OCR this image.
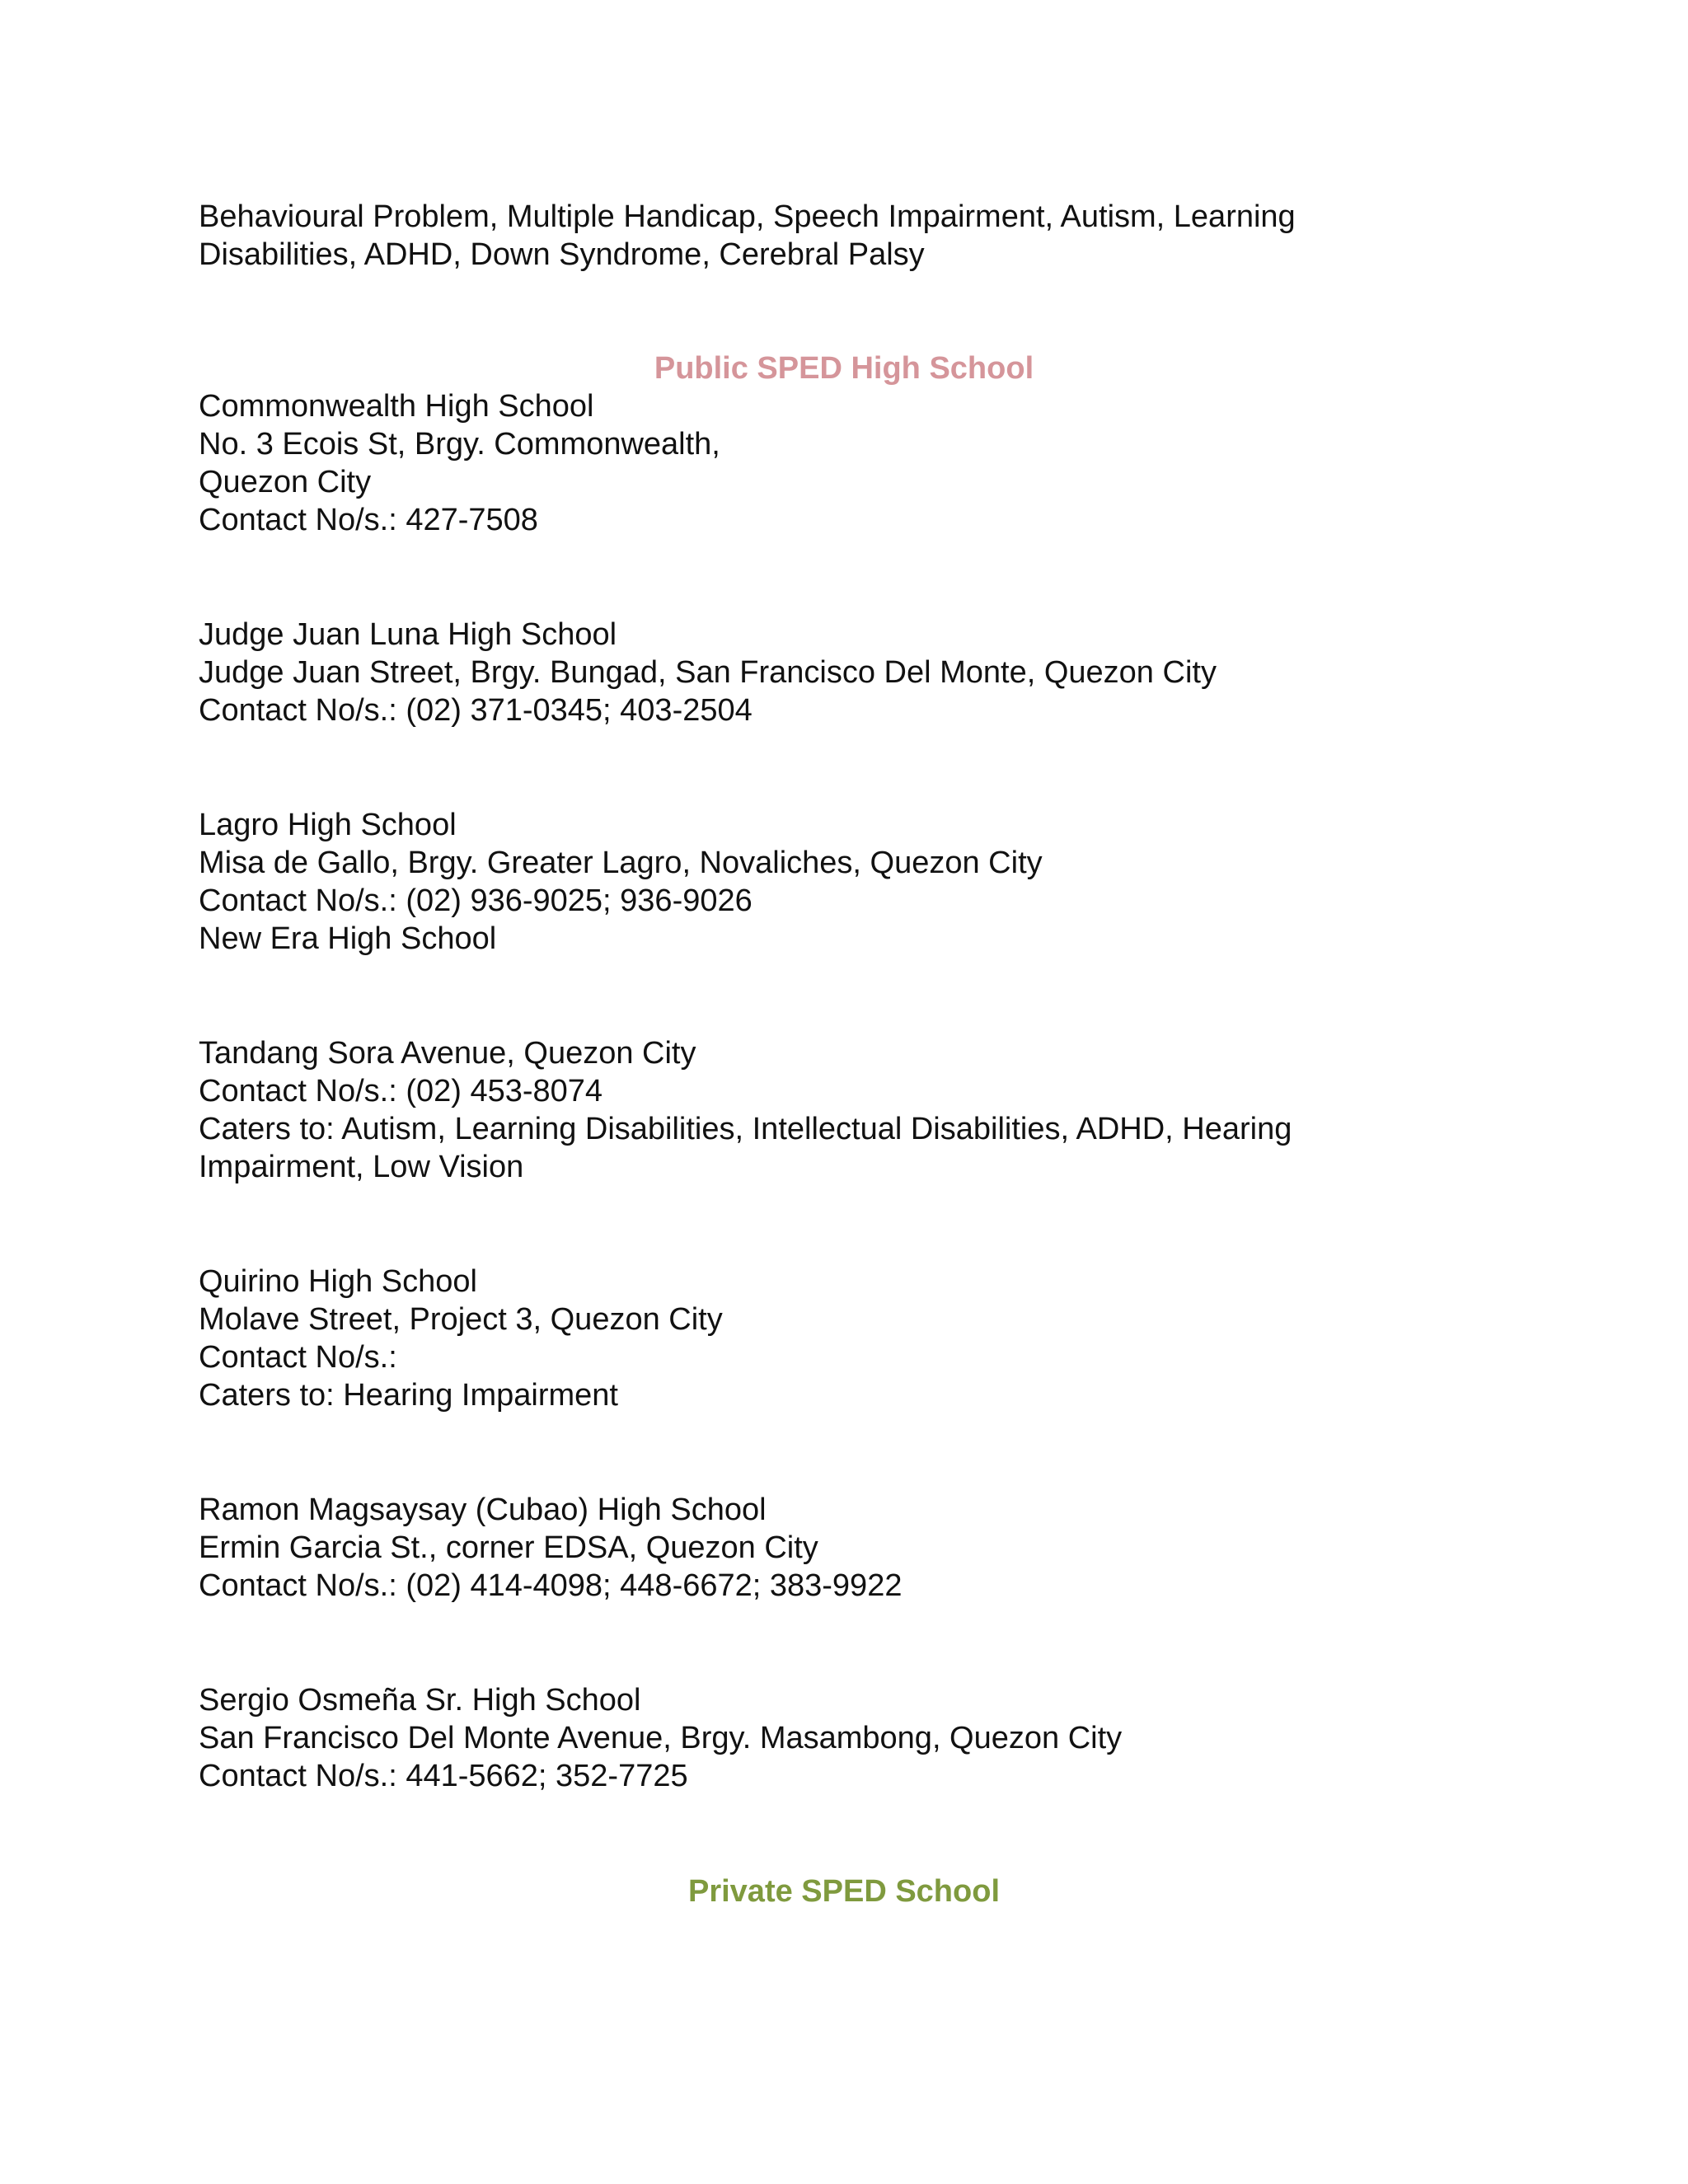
Behavioural Problem, Multiple Handicap, Speech Impairment, Autism, Learning
Disabilities, ADHD, Down Syndrome, Cerebral Palsy
Public SPED High School
Commonwealth High School
No. 3 Ecois St, Brgy. Commonwealth,
Quezon City
Contact No/s.: 427-7508
Judge Juan Luna High School
Judge Juan Street, Brgy. Bungad, San Francisco Del Monte, Quezon City
Contact No/s.: (02) 371-0345; 403-2504
Lagro High School
Misa de Gallo, Brgy. Greater Lagro, Novaliches, Quezon City
Contact No/s.: (02) 936-9025; 936-9026
New Era High School
Tandang Sora Avenue, Quezon City
Contact No/s.: (02) 453-8074
Caters to: Autism, Learning Disabilities, Intellectual Disabilities, ADHD, Hearing
Impairment, Low Vision
Quirino High School
Molave Street, Project 3, Quezon City
Contact No/s.:
Caters to: Hearing Impairment
Ramon Magsaysay (Cubao) High School
Ermin Garcia St., corner EDSA, Quezon City
Contact No/s.: (02) 414-4098; 448-6672; 383-9922
Sergio Osmeña Sr. High School
San Francisco Del Monte Avenue, Brgy. Masambong, Quezon City
Contact No/s.: 441-5662; 352-7725
Private SPED School
